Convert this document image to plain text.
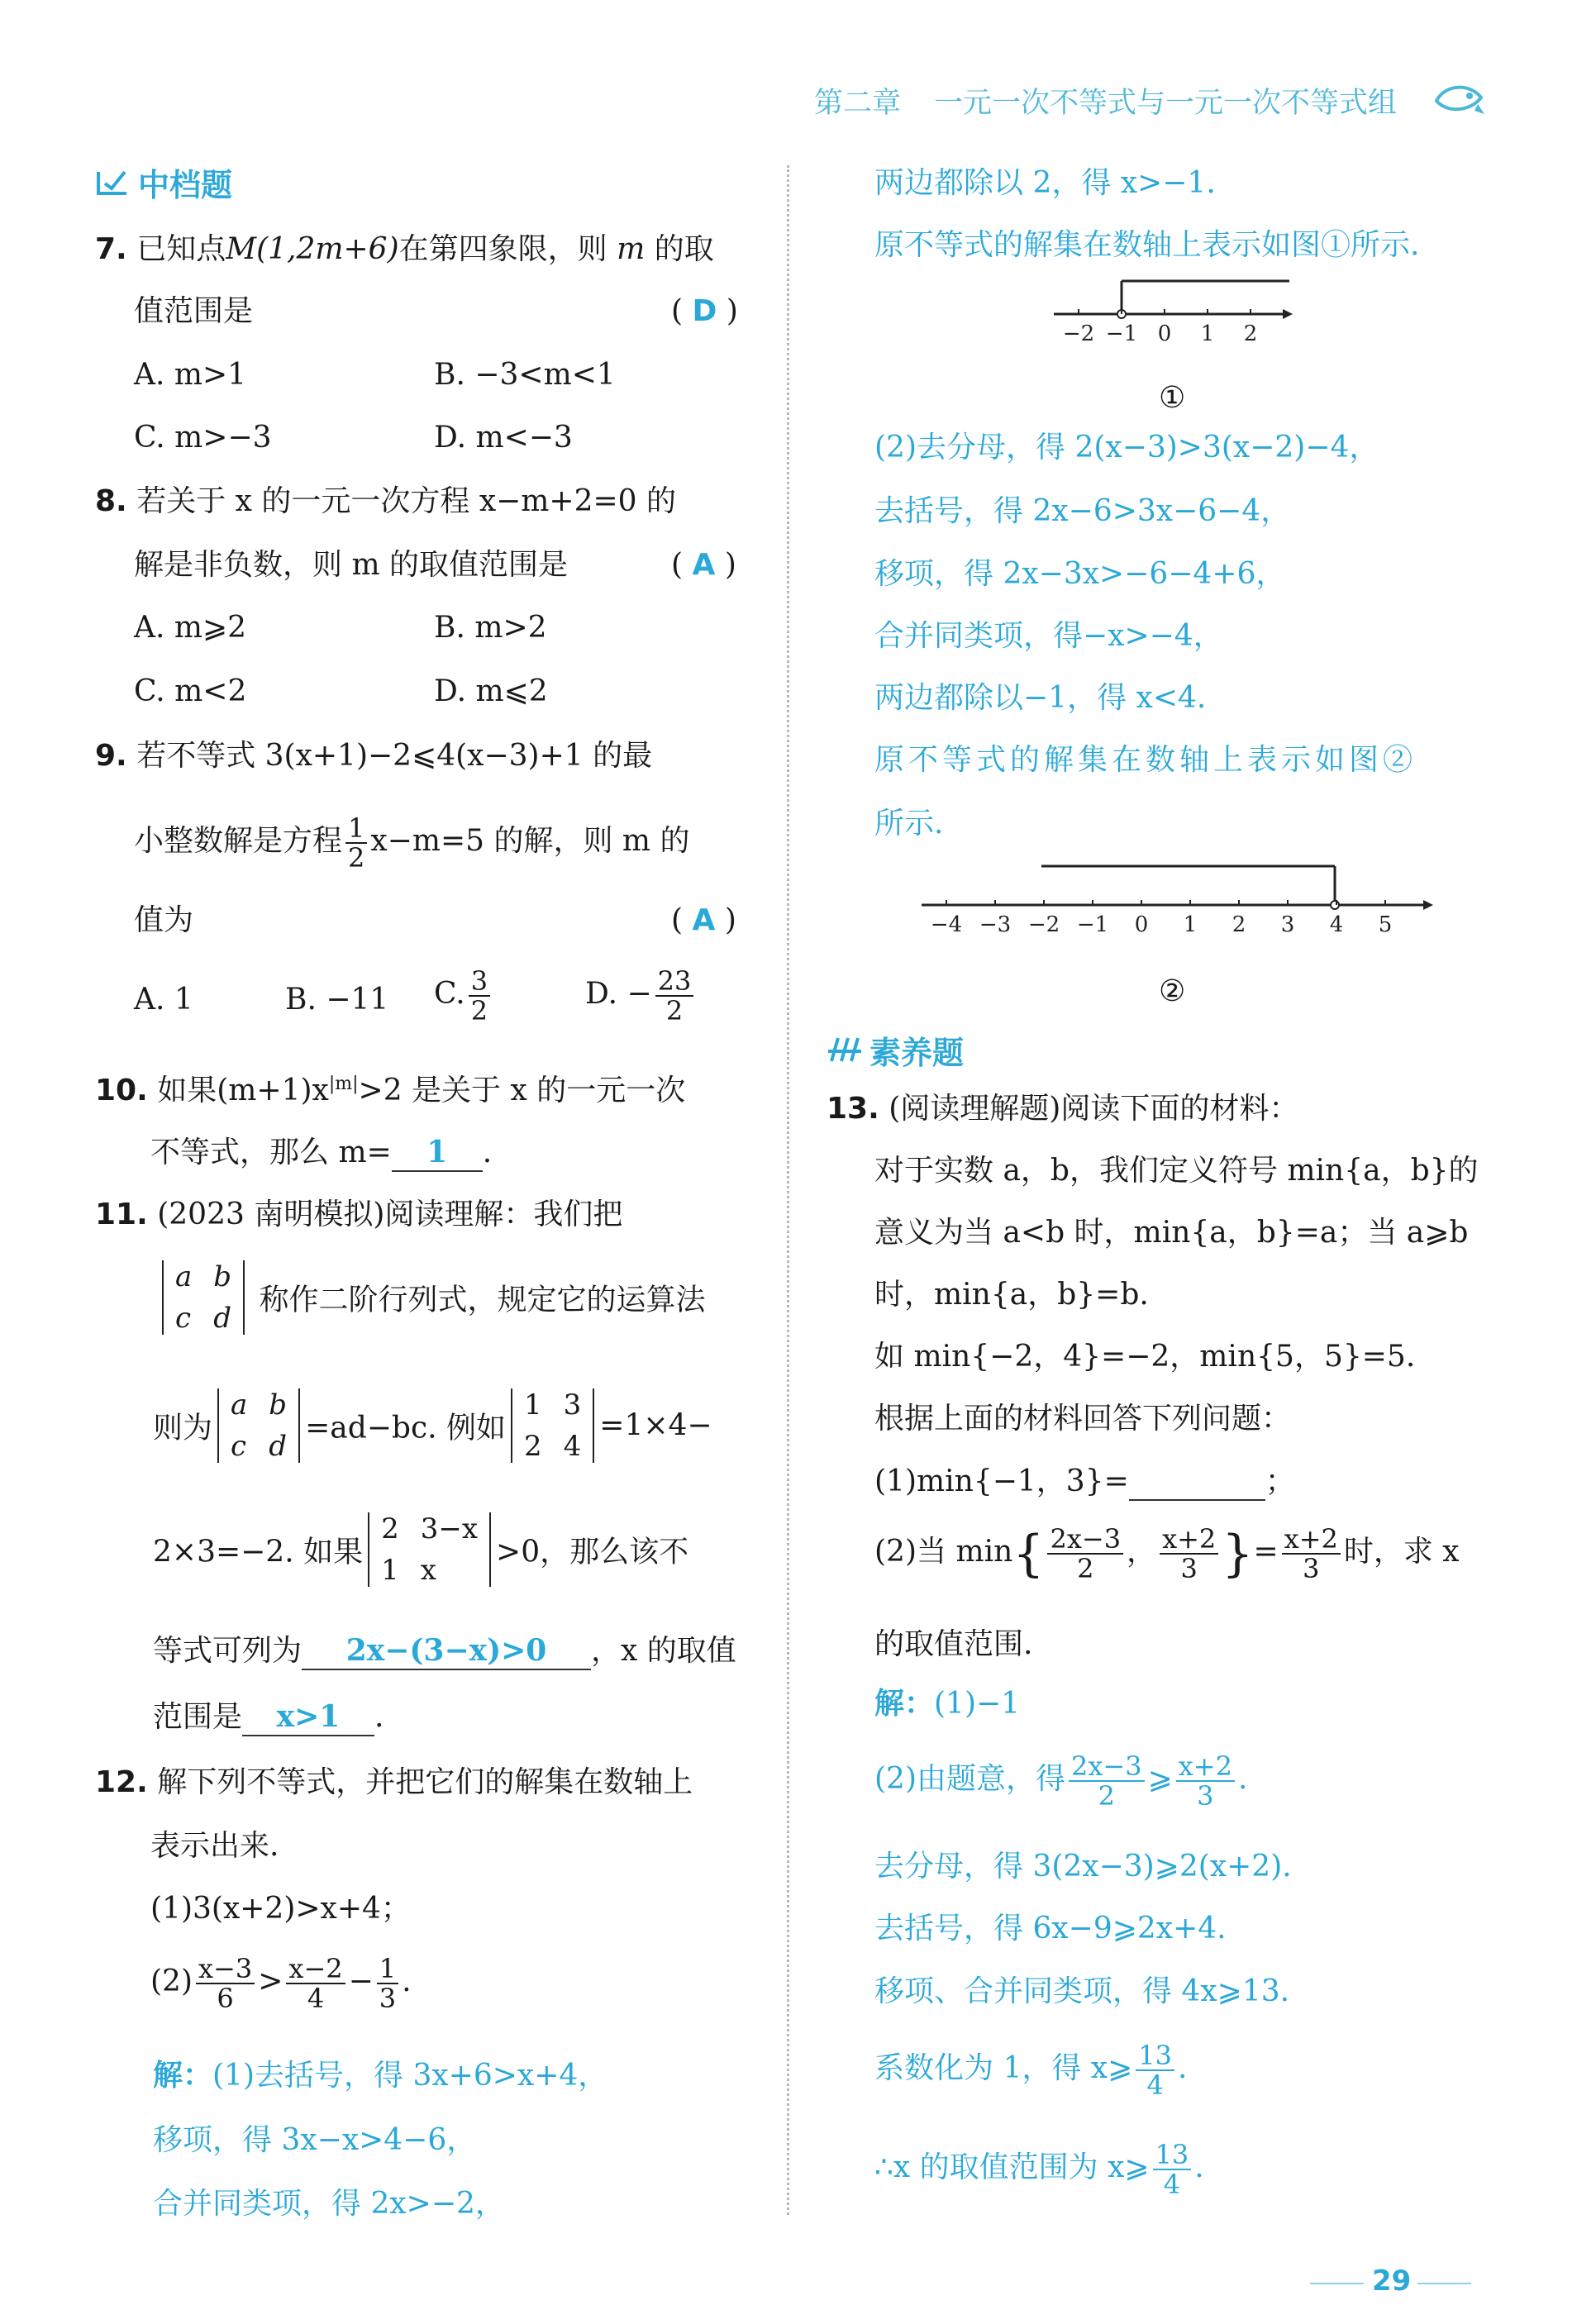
第二章 一元一次不等式与一元一次不等式组
中档题
7. 已知点M(1,2m+6)在第四象限，则 m 的取
值范围是	( D )
A. m>1	B. −3<m<1
C. m>−3	D. m<−3
8. 若关于 x 的一元一次方程 x−m+2=0 的
解是非负数，则 m 的取值范围是	( A )
A. m⩾2	B. m>2
C. m<2	D. m⩽2
9. 若不等式 3(x+1)−2⩽4(x−3)+1 的最
小整数解是方程 $\frac{1}{2} x-m=5$ 的解，则 m 的
值为	( A )
A. 1	B. −11 C. $\frac{3}{2}$	D. − $\frac{23}{2}$
10. 如果$(m+1)x^{|m|}>2$ 是关于 x 的一元一次
不等式，那么 m= 1 .
11. (2023 南明模拟)阅读理解：我们把
a b
c d
称作二阶行列式，规定它的运算法
则为
a b
c d
=ad−bc. 例如
1 3
2 4
=1×4−
2×3=−2. 如果
2 3−x
1 x
>0，那么该不
等式可列为 2x−(3−x)>0 ，x 的取值
范围是 x>1 .
12. 解下列不等式，并把它们的解集在数轴上
表示出来.
(1)3(x+2)>x+4；
$(2) \frac{x-3}{6} > \frac{x-2}{4} - \frac{1}{3}$ .
解：(1)去括号，得 3x+6>x+4，
移项，得 3x−x>4−6，
合并同类项，得 2x>−2，
两边都除以 2，得 x>−1.
原不等式的解集在数轴上表示如图①所示.
−2 −1 0 1 2
①
(2)去分母，得 2(x−3)>3(x−2)−4，
去括号，得 2x−6>3x−6−4，
移项，得 2x−3x>−6−4+6，
合并同类项，得−x>−4，
两边都除以−1，得 x<4.
原不等式的解集在数轴上表示如图②
所示.
−4 −3 −2 −1 0 1 2 3 4 5
②
素养题
13. (阅读理解题)阅读下面的材料：
对于实数 a，b，我们定义符号 min{a，b}的
意义为当 a<b 时，min{a，b}=a；当 a⩾b
时，min{a，b}=b.
如 min{−2，4}=−2，min{5，5}=5.
根据上面的材料回答下列问题：
(1)min{−1，3}=	；
(2)当 $\min\{ \frac{2x-3}{2}$ ， $\frac{x+2}{3}$ }= $\frac{x+2}{3}$ 时，求 x
的取值范围.
解：(1)−1
(2)由题意，得 $\frac{2x-3}{2}$ ⩾ $\frac{x+2}{3}$ .
去分母，得 3(2x−3)⩾2(x+2).
去括号，得 6x−9⩾2x+4.
移项、合并同类项，得 4x⩾13.
系数化为 1，得 x⩾ $\frac{13}{4}$ .
∴x 的取值范围为 x⩾ $\frac{13}{4}$ .
29
